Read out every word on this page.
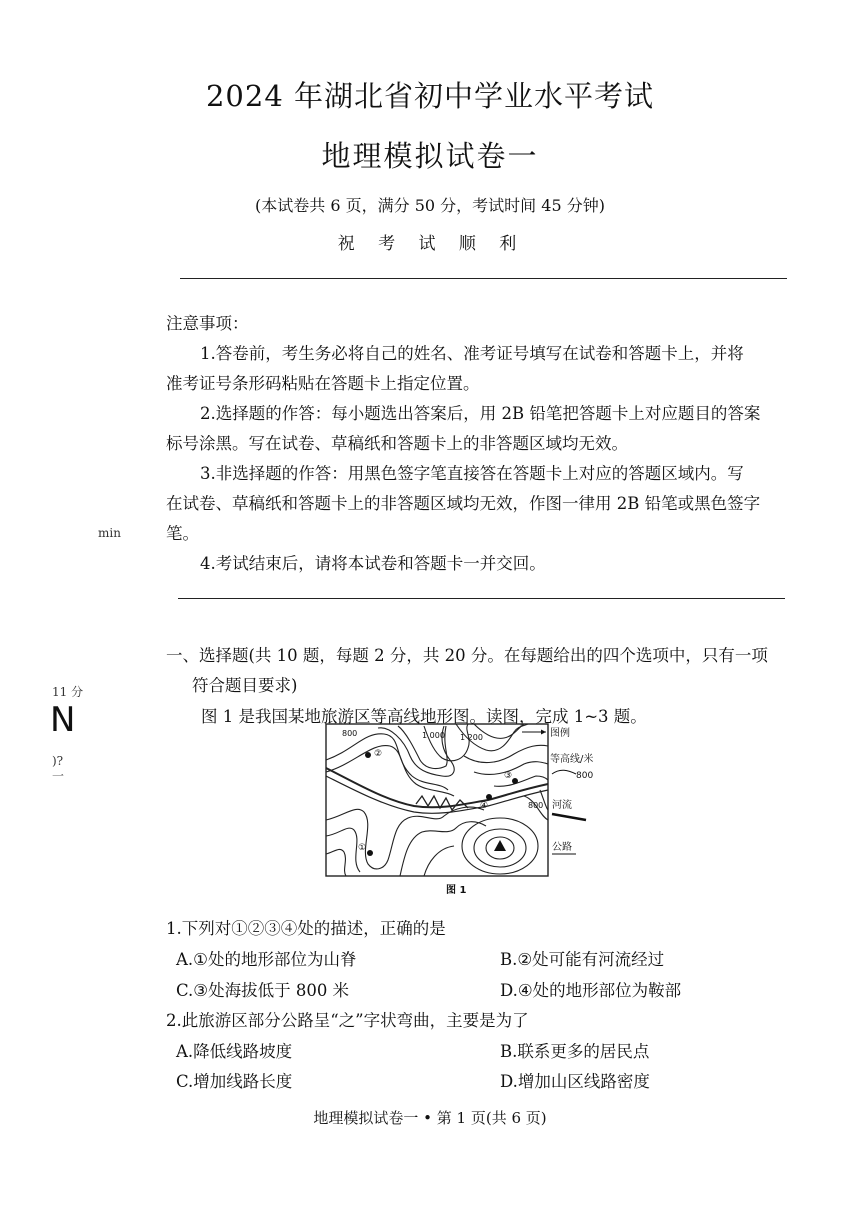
2024 年湖北省初中学业水平考试
地理模拟试卷一
(本试卷共 6 页，满分 50 分，考试时间 45 分钟)
祝 考 试 顺 利
注意事项：
1.答卷前，考生务必将自己的姓名、准考证号填写在试卷和答题卡上，并将
准考证号条形码粘贴在答题卡上指定位置。
2.选择题的作答：每小题选出答案后，用 2B 铅笔把答题卡上对应题目的答案
标号涂黑。写在试卷、草稿纸和答题卡上的非答题区域均无效。
3.非选择题的作答：用黑色签字笔直接答在答题卡上对应的答题区域内。写
在试卷、草稿纸和答题卡上的非答题区域均无效，作图一律用 2B 铅笔或黑色签字
笔。
4.考试结束后，请将本试卷和答题卡一并交回。
min
11 分
N
)?
一
一、选择题(共 10 题，每题 2 分，共 20 分。在每题给出的四个选项中，只有一项
符合题目要求)
图 1 是我国某地旅游区等高线地形图。读图，完成 1~3 题。
②
③
④
①
800	1 000 1 200
800
图例
等高线/米
800
河流
公路
图 1
1.下列对①②③④处的描述，正确的是
A.①处的地形部位为山脊	B.②处可能有河流经过
C.③处海拔低于 800 米	D.④处的地形部位为鞍部
2.此旅游区部分公路呈“之”字状弯曲，主要是为了
A.降低线路坡度	B.联系更多的居民点
C.增加线路长度	D.增加山区线路密度
地理模拟试卷一 • 第 1 页(共 6 页)
